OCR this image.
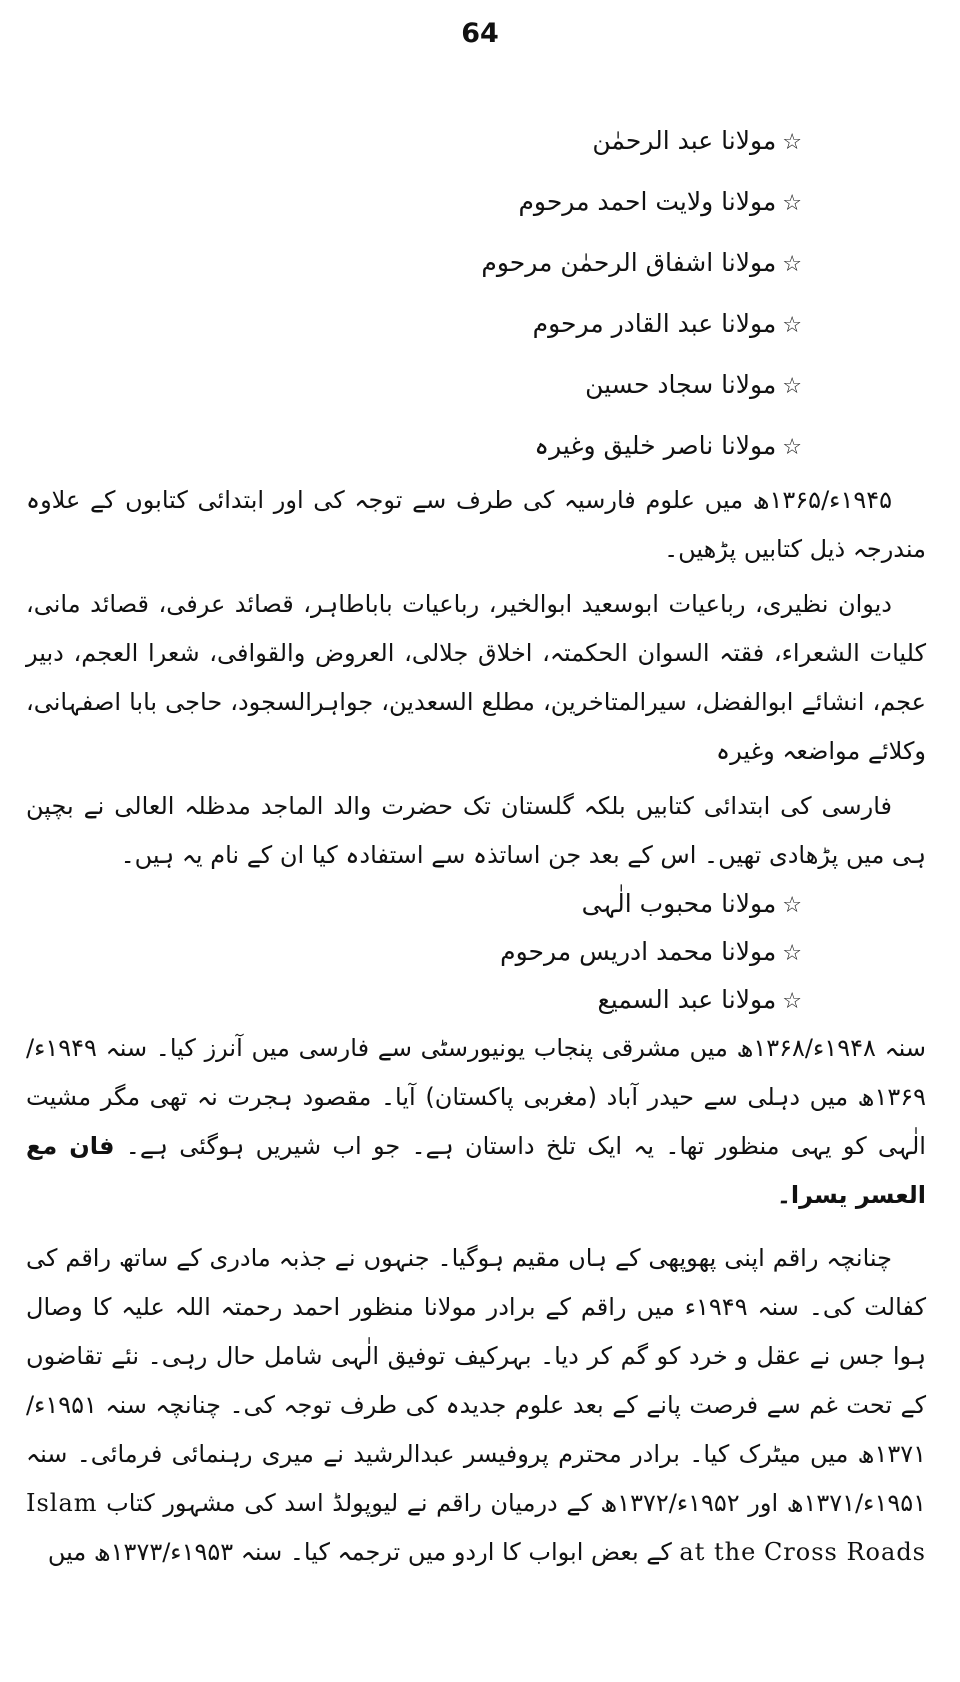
64
☆مولانا عبد الرحمٰن
☆مولانا ولایت احمد مرحوم
☆مولانا اشفاق الرحمٰن مرحوم
☆مولانا عبد القادر مرحوم
☆مولانا سجاد حسین
☆مولانا ناصر خلیق وغیرہ

۱۹۴۵ء/۱۳۶۵ھ میں علوم فارسیہ کی طرف سے توجہ کی اور ابتدائی کتابوں کے علاوہ مندرجہ ذیل کتابیں پڑھیں۔

دیوان نظیری، رباعیات ابوسعید ابوالخیر، رباعیات باباطاہر، قصائد عرفی، قصائد مانی، کلیات الشعراء، فقتہ السوان الحکمتہ، اخلاق جلالی، العروض والقوافی، شعرا العجم، دبیر عجم، انشائے ابوالفضل، سیرالمتاخرین، مطلع السعدین، جواہرالسجود، حاجی بابا اصفہانی، وکلائے مواضعہ وغیرہ

فارسی کی ابتدائی کتابیں بلکہ گلستان تک حضرت والد الماجد مدظلہ العالی نے بچپن ہی میں پڑھادی تھیں۔ اس کے بعد جن اساتذہ سے استفادہ کیا ان کے نام یہ ہیں۔

☆مولانا محبوب الٰہی
☆مولانا محمد ادریس مرحوم
☆مولانا عبد السمیع

سنہ ۱۹۴۸ء/۱۳۶۸ھ میں مشرقی پنجاب یونیورسٹی سے فارسی میں آنرز کیا۔ سنہ ۱۹۴۹ء/۱۳۶۹ھ میں دہلی سے حیدر آباد (مغربی پاکستان) آیا۔ مقصود ہجرت نہ تھی مگر مشیت الٰہی کو یہی منظور تھا۔ یہ ایک تلخ داستان ہے۔ جو اب شیریں ہوگئی ہے۔ فان مع العسر یسرا۔

چنانچہ راقم اپنی پھوپھی کے ہاں مقیم ہوگیا۔ جنہوں نے جذبہ مادری کے ساتھ راقم کی کفالت کی۔ سنہ ۱۹۴۹ء میں راقم کے برادر مولانا منظور احمد رحمتہ اللہ علیہ کا وصال ہوا جس نے عقل و خرد کو گم کر دیا۔ بہرکیف توفیق الٰہی شامل حال رہی۔ نئے تقاضوں کے تحت غم سے فرصت پانے کے بعد علوم جدیدہ کی طرف توجہ کی۔ چنانچہ سنہ ۱۹۵۱ء/۱۳۷۱ھ میں میٹرک کیا۔ برادر محترم پروفیسر عبدالرشید نے میری رہنمائی فرمائی۔ سنہ ۱۹۵۱ء/۱۳۷۱ھ اور ۱۹۵۲ء/۱۳۷۲ھ کے درمیان راقم نے لیوپولڈ اسد کی مشہور کتاب Islam at the Cross Roads کے بعض ابواب کا اردو میں ترجمہ کیا۔ سنہ ۱۹۵۳ء/۱۳۷۳ھ میں
